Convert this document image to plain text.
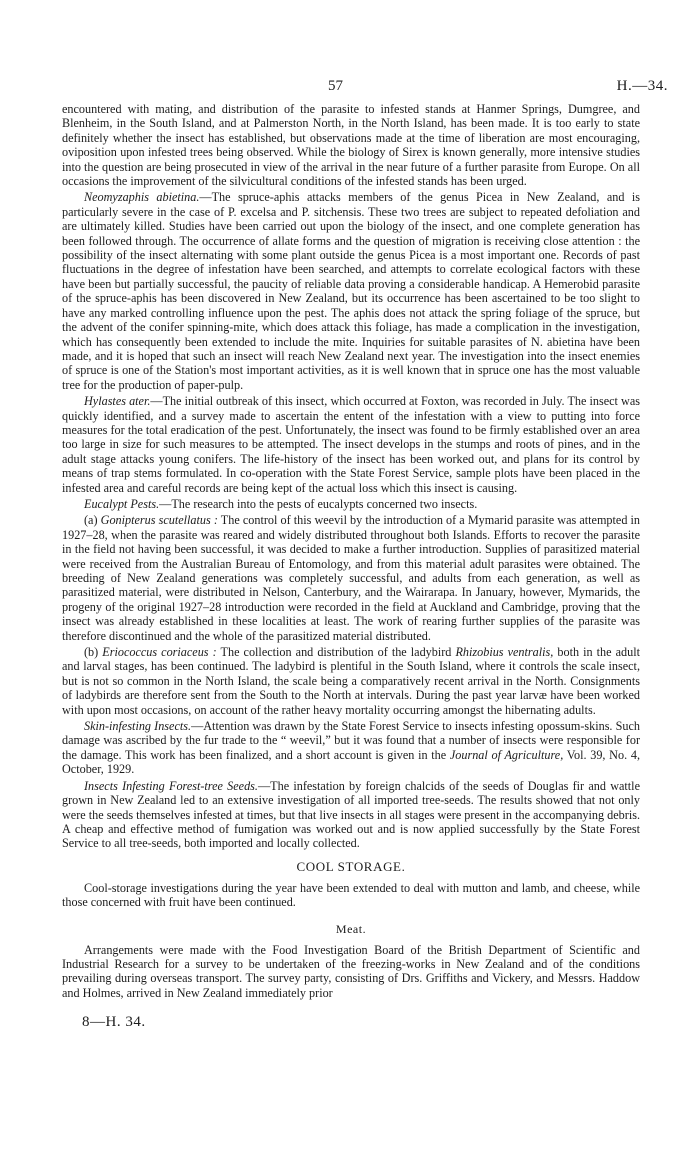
57	H.—34.

encountered with mating, and distribution of the parasite to infested stands at Hanmer Springs, Dumgree, and Blenheim, in the South Island, and at Palmerston North, in the North Island, has been made. It is too early to state definitely whether the insect has established, but observations made at the time of liberation are most encouraging, oviposition upon infested trees being observed. While the biology of Sirex is known generally, more intensive studies into the question are being prosecuted in view of the arrival in the near future of a further parasite from Europe. On all occasions the improvement of the silvicultural conditions of the infested stands has been urged.

Neomyzaphis abietina.—The spruce-aphis attacks members of the genus Picea in New Zealand, and is particularly severe in the case of P. excelsa and P. sitchensis. These two trees are subject to repeated defoliation and are ultimately killed. Studies have been carried out upon the biology of the insect, and one complete generation has been followed through. The occurrence of allate forms and the question of migration is receiving close attention : the possibility of the insect alternating with some plant outside the genus Picea is a most important one. Records of past fluctuations in the degree of infestation have been searched, and attempts to correlate ecological factors with these have been but partially successful, the paucity of reliable data proving a considerable handicap. A Hemerobid parasite of the spruce-aphis has been discovered in New Zealand, but its occurrence has been ascertained to be too slight to have any marked controlling influence upon the pest. The aphis does not attack the spring foliage of the spruce, but the advent of the conifer spinning-mite, which does attack this foliage, has made a complication in the investigation, which has consequently been extended to include the mite. Inquiries for suitable parasites of N. abietina have been made, and it is hoped that such an insect will reach New Zealand next year. The investigation into the insect enemies of spruce is one of the Station's most important activities, as it is well known that in spruce one has the most valuable tree for the production of paper-pulp.

Hylastes ater.—The initial outbreak of this insect, which occurred at Foxton, was recorded in July. The insect was quickly identified, and a survey made to ascertain the entent of the infestation with a view to putting into force measures for the total eradication of the pest. Unfortunately, the insect was found to be firmly established over an area too large in size for such measures to be attempted. The insect develops in the stumps and roots of pines, and in the adult stage attacks young conifers. The life-history of the insect has been worked out, and plans for its control by means of trap stems formulated. In co-operation with the State Forest Service, sample plots have been placed in the infested area and careful records are being kept of the actual loss which this insect is causing.

Eucalypt Pests.—The research into the pests of eucalypts concerned two insects.

(a) Gonipterus scutellatus : The control of this weevil by the introduction of a Mymarid parasite was attempted in 1927–28, when the parasite was reared and widely distributed throughout both Islands. Efforts to recover the parasite in the field not having been successful, it was decided to make a further introduction. Supplies of parasitized material were received from the Australian Bureau of Entomology, and from this material adult parasites were obtained. The breeding of New Zealand generations was completely successful, and adults from each generation, as well as parasitized material, were distributed in Nelson, Canterbury, and the Wairarapa. In January, however, Mymarids, the progeny of the original 1927–28 introduction were recorded in the field at Auckland and Cambridge, proving that the insect was already established in these localities at least. The work of rearing further supplies of the parasite was therefore discontinued and the whole of the parasitized material distributed.

(b) Eriococcus coriaceus : The collection and distribution of the ladybird Rhizobius ventralis, both in the adult and larval stages, has been continued. The ladybird is plentiful in the South Island, where it controls the scale insect, but is not so common in the North Island, the scale being a comparatively recent arrival in the North. Consignments of ladybirds are therefore sent from the South to the North at intervals. During the past year larvæ have been worked with upon most occasions, on account of the rather heavy mortality occurring amongst the hibernating adults.

Skin-infesting Insects.—Attention was drawn by the State Forest Service to insects infesting opossum-skins. Such damage was ascribed by the fur trade to the “ weevil,” but it was found that a number of insects were responsible for the damage. This work has been finalized, and a short account is given in the Journal of Agriculture, Vol. 39, No. 4, October, 1929.

Insects Infesting Forest-tree Seeds.—The infestation by foreign chalcids of the seeds of Douglas fir and wattle grown in New Zealand led to an extensive investigation of all imported tree-seeds. The results showed that not only were the seeds themselves infested at times, but that live insects in all stages were present in the accompanying debris. A cheap and effective method of fumigation was worked out and is now applied successfully by the State Forest Service to all tree-seeds, both imported and locally collected.

COOL STORAGE.

Cool-storage investigations during the year have been extended to deal with mutton and lamb, and cheese, while those concerned with fruit have been continued.

Meat.

Arrangements were made with the Food Investigation Board of the British Department of Scientific and Industrial Research for a survey to be undertaken of the freezing-works in New Zealand and of the conditions prevailing during overseas transport. The survey party, consisting of Drs. Griffiths and Vickery, and Messrs. Haddow and Holmes, arrived in New Zealand immediately prior

8—H. 34.
